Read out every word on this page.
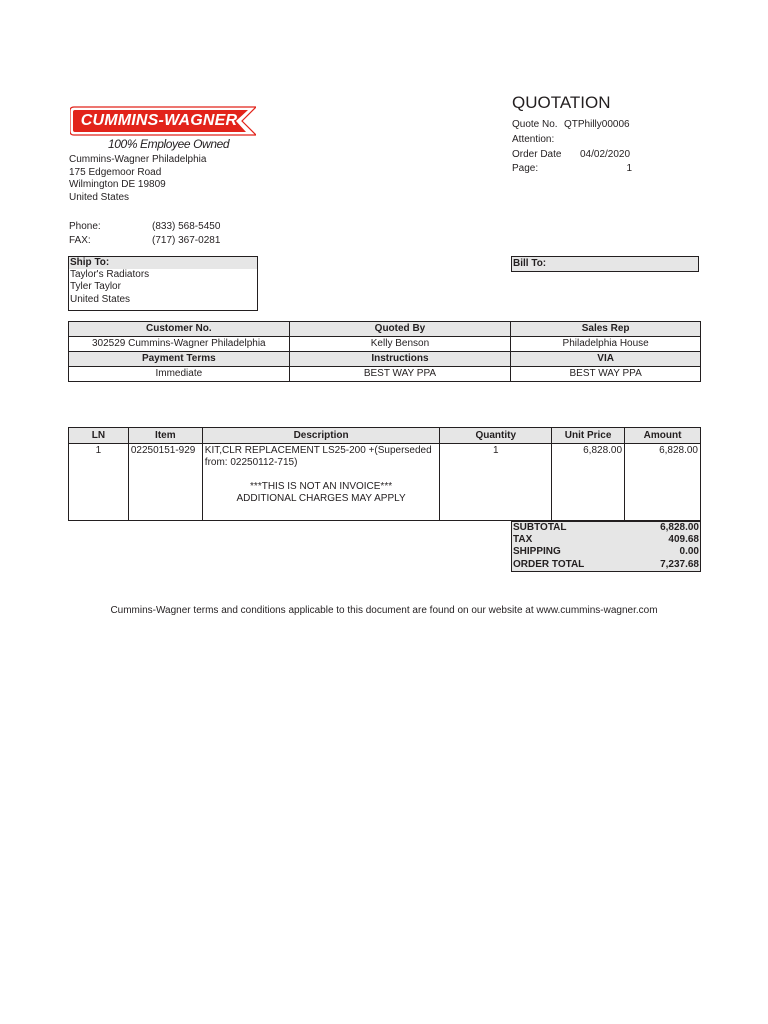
CUMMINS-WAGNER
100% Employee Owned
Cummins-Wagner Philadelphia
175 Edgemoor Road
Wilmington DE 19809
United States
Phone:	(833) 568-5450
FAX:	(717) 367-0281
QUOTATION
Quote No. QTPhilly00006
Attention:
Order Date 04/02/2020
Page:	1
Ship To:
Taylor's Radiators
Tyler Taylor
United States
Bill To:
Customer No.	Quoted By	Sales Rep
302529 Cummins-Wagner Philadelphia	Kelly Benson	Philadelphia House
Payment Terms	Instructions	VIA
Immediate	BEST WAY PPA	BEST WAY PPA
LN	Item	Description	Quantity	Unit Price	Amount
1	02250151-929	KIT,CLR REPLACEMENT LS25-200 +(Superseded from: 02250112-715)
***THIS IS NOT AN INVOICE***
ADDITIONAL CHARGES MAY APPLY	1	6,828.00	6,828.00
SUBTOTAL	6,828.00
TAX	409.68
SHIPPING	0.00
ORDER TOTAL	7,237.68
Cummins-Wagner terms and conditions applicable to this document are found on our website at www.cummins-wagner.com
